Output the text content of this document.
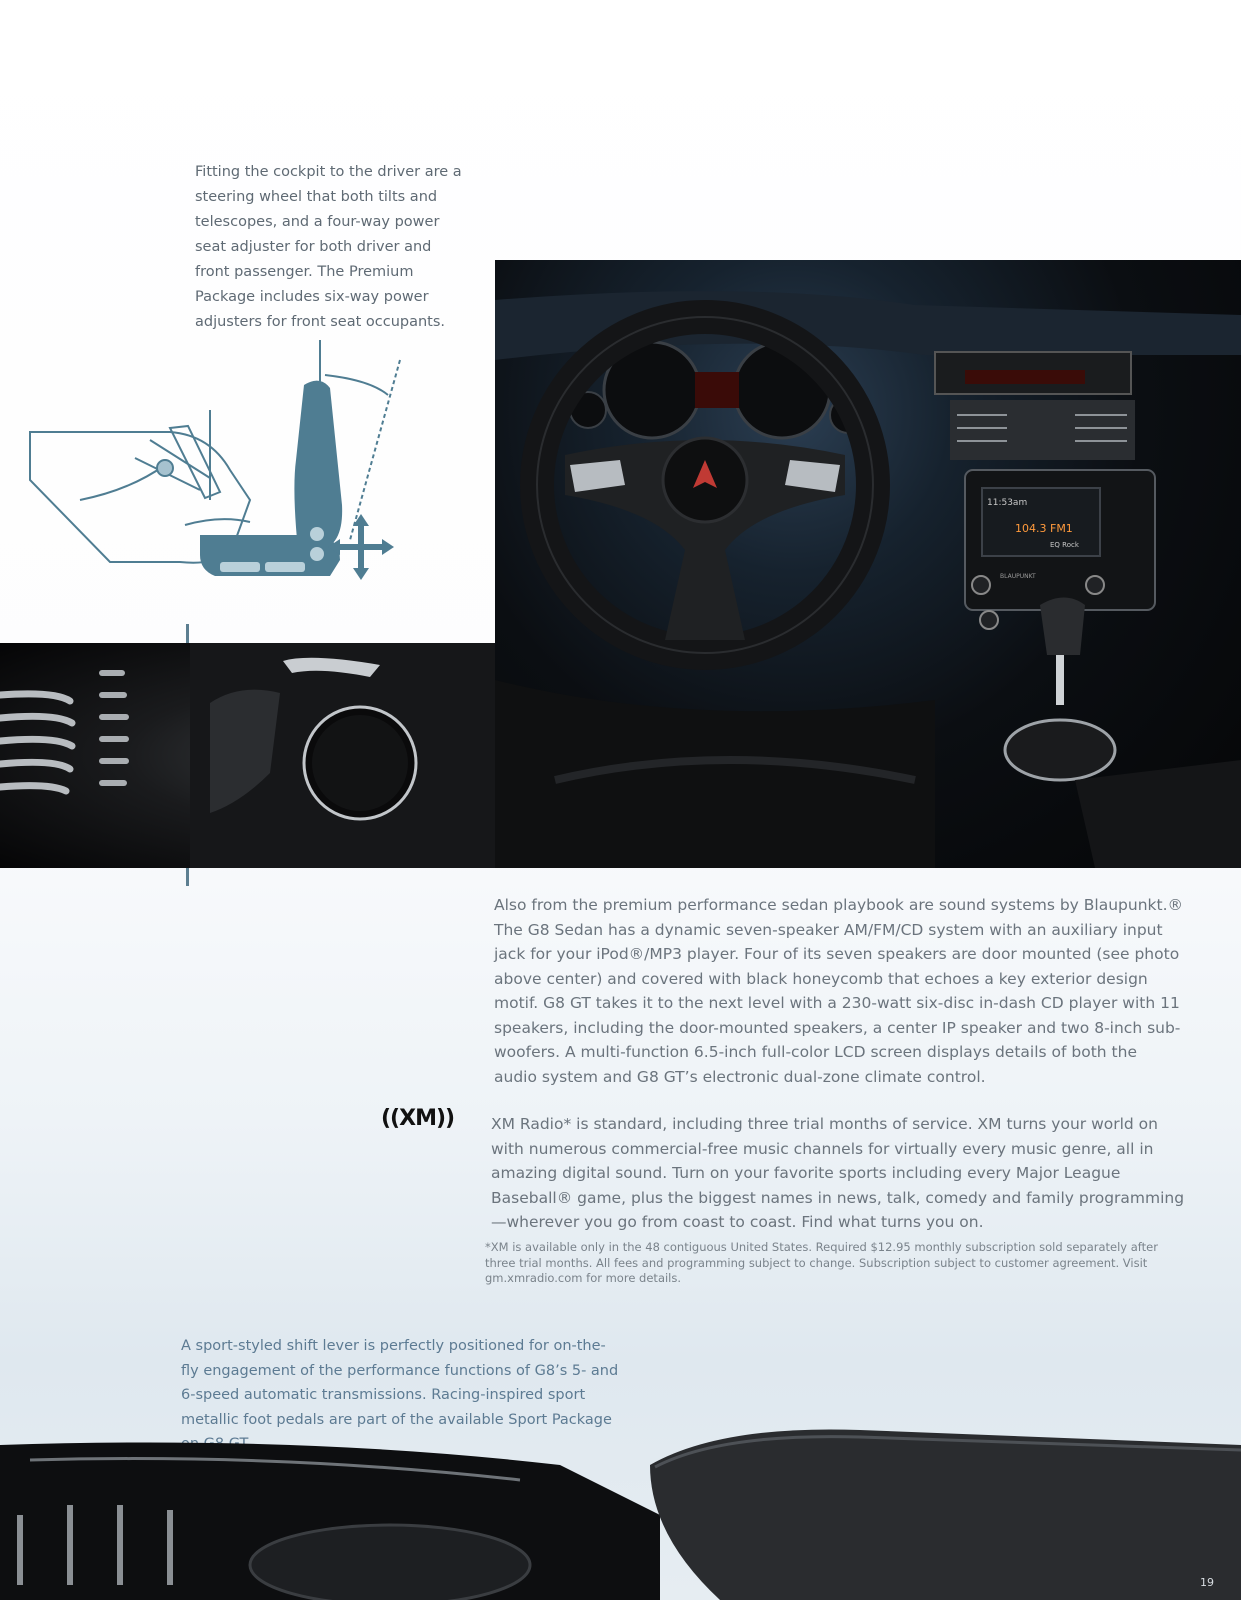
Fitting the cockpit to the driver are a steering wheel that both tilts and telescopes, and a four-way power seat adjuster for both driver and front passenger. The Premium Package includes six-way power adjusters for front seat occupants.
11:53am
104.3 FM1
EQ Rock
BLAUPUNKT
Also from the premium performance sedan playbook are sound systems by Blaupunkt.® The G8 Sedan has a dynamic seven-speaker AM/FM/CD system with an auxiliary input jack for your iPod®/MP3 player. Four of its seven speakers are door mounted (see photo above center) and covered with black honeycomb that echoes a key exterior design motif. G8 GT takes it to the next level with a 230-watt six-disc in-dash CD player with 11 speakers, including the door-mounted speakers, a center IP speaker and two 8-inch sub-woofers. A multi-function 6.5-inch full-color LCD screen displays details of both the audio system and G8 GT’s electronic dual-zone climate control.
((XM))	XM Radio* is standard, including three trial months of service. XM turns your world on with numerous commercial-free music channels for virtually every music genre, all in amazing digital sound. Turn on your favorite sports including every Major League Baseball® game, plus the biggest names in news, talk, comedy and family programming—wherever you go from coast to coast. Find what turns you on.
*XM is available only in the 48 contiguous United States. Required $12.95 monthly subscription sold separately after three trial months. All fees and programming subject to change. Subscription subject to customer agreement. Visit gm.xmradio.com for more details.
A sport-styled shift lever is perfectly positioned for on-the-fly engagement of the performance functions of G8’s 5- and 6-speed automatic transmissions. Racing-inspired sport metallic foot pedals are part of the available Sport Package
19
